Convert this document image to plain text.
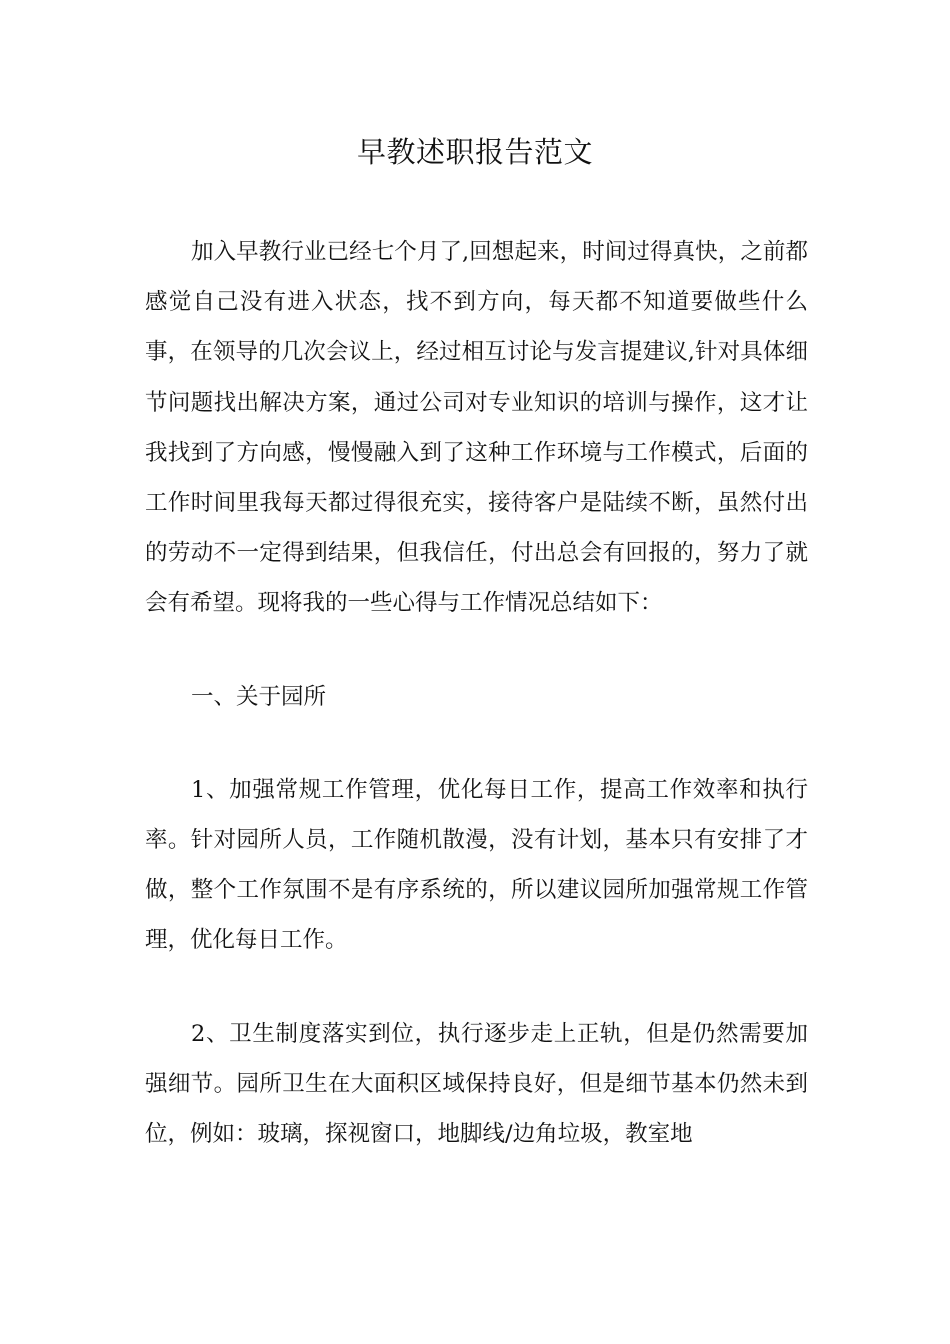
早教述职报告范文

加入早教行业已经七个月了,回想起来，时间过得真快，之前都感觉自己没有进入状态，找不到方向，每天都不知道要做些什么事，在领导的几次会议上，经过相互讨论与发言提建议,针对具体细节问题找出解决方案，通过公司对专业知识的培训与操作，这才让我找到了方向感，慢慢融入到了这种工作环境与工作模式，后面的工作时间里我每天都过得很充实，接待客户是陆续不断，虽然付出的劳动不一定得到结果，但我信任，付出总会有回报的，努力了就会有希望。现将我的一些心得与工作情况总结如下：

一、关于园所

1、加强常规工作管理，优化每日工作，提高工作效率和执行率。针对园所人员，工作随机散漫，没有计划，基本只有安排了才做，整个工作氛围不是有序系统的，所以建议园所加强常规工作管理，优化每日工作。

2、卫生制度落实到位，执行逐步走上正轨，但是仍然需要加强细节。园所卫生在大面积区域保持良好，但是细节基本仍然未到位，例如：玻璃，探视窗口，地脚线/边角垃圾，教室地
